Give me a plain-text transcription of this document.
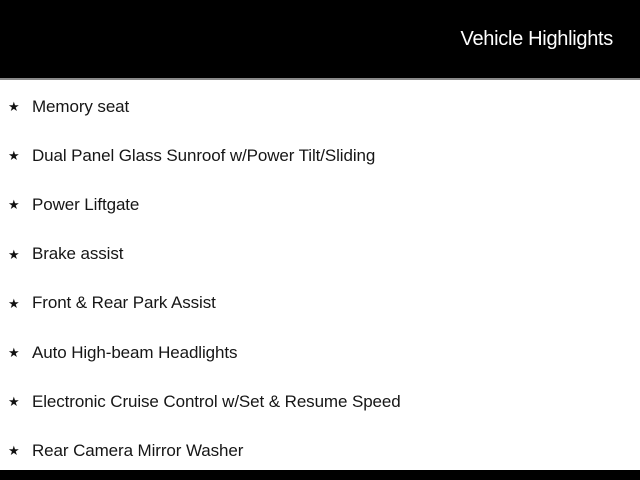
Vehicle Highlights
★ Memory seat
★ Dual Panel Glass Sunroof w/Power Tilt/Sliding
★ Power Liftgate
★ Brake assist
★ Front & Rear Park Assist
★ Auto High-beam Headlights
★ Electronic Cruise Control w/Set & Resume Speed
★ Rear Camera Mirror Washer
